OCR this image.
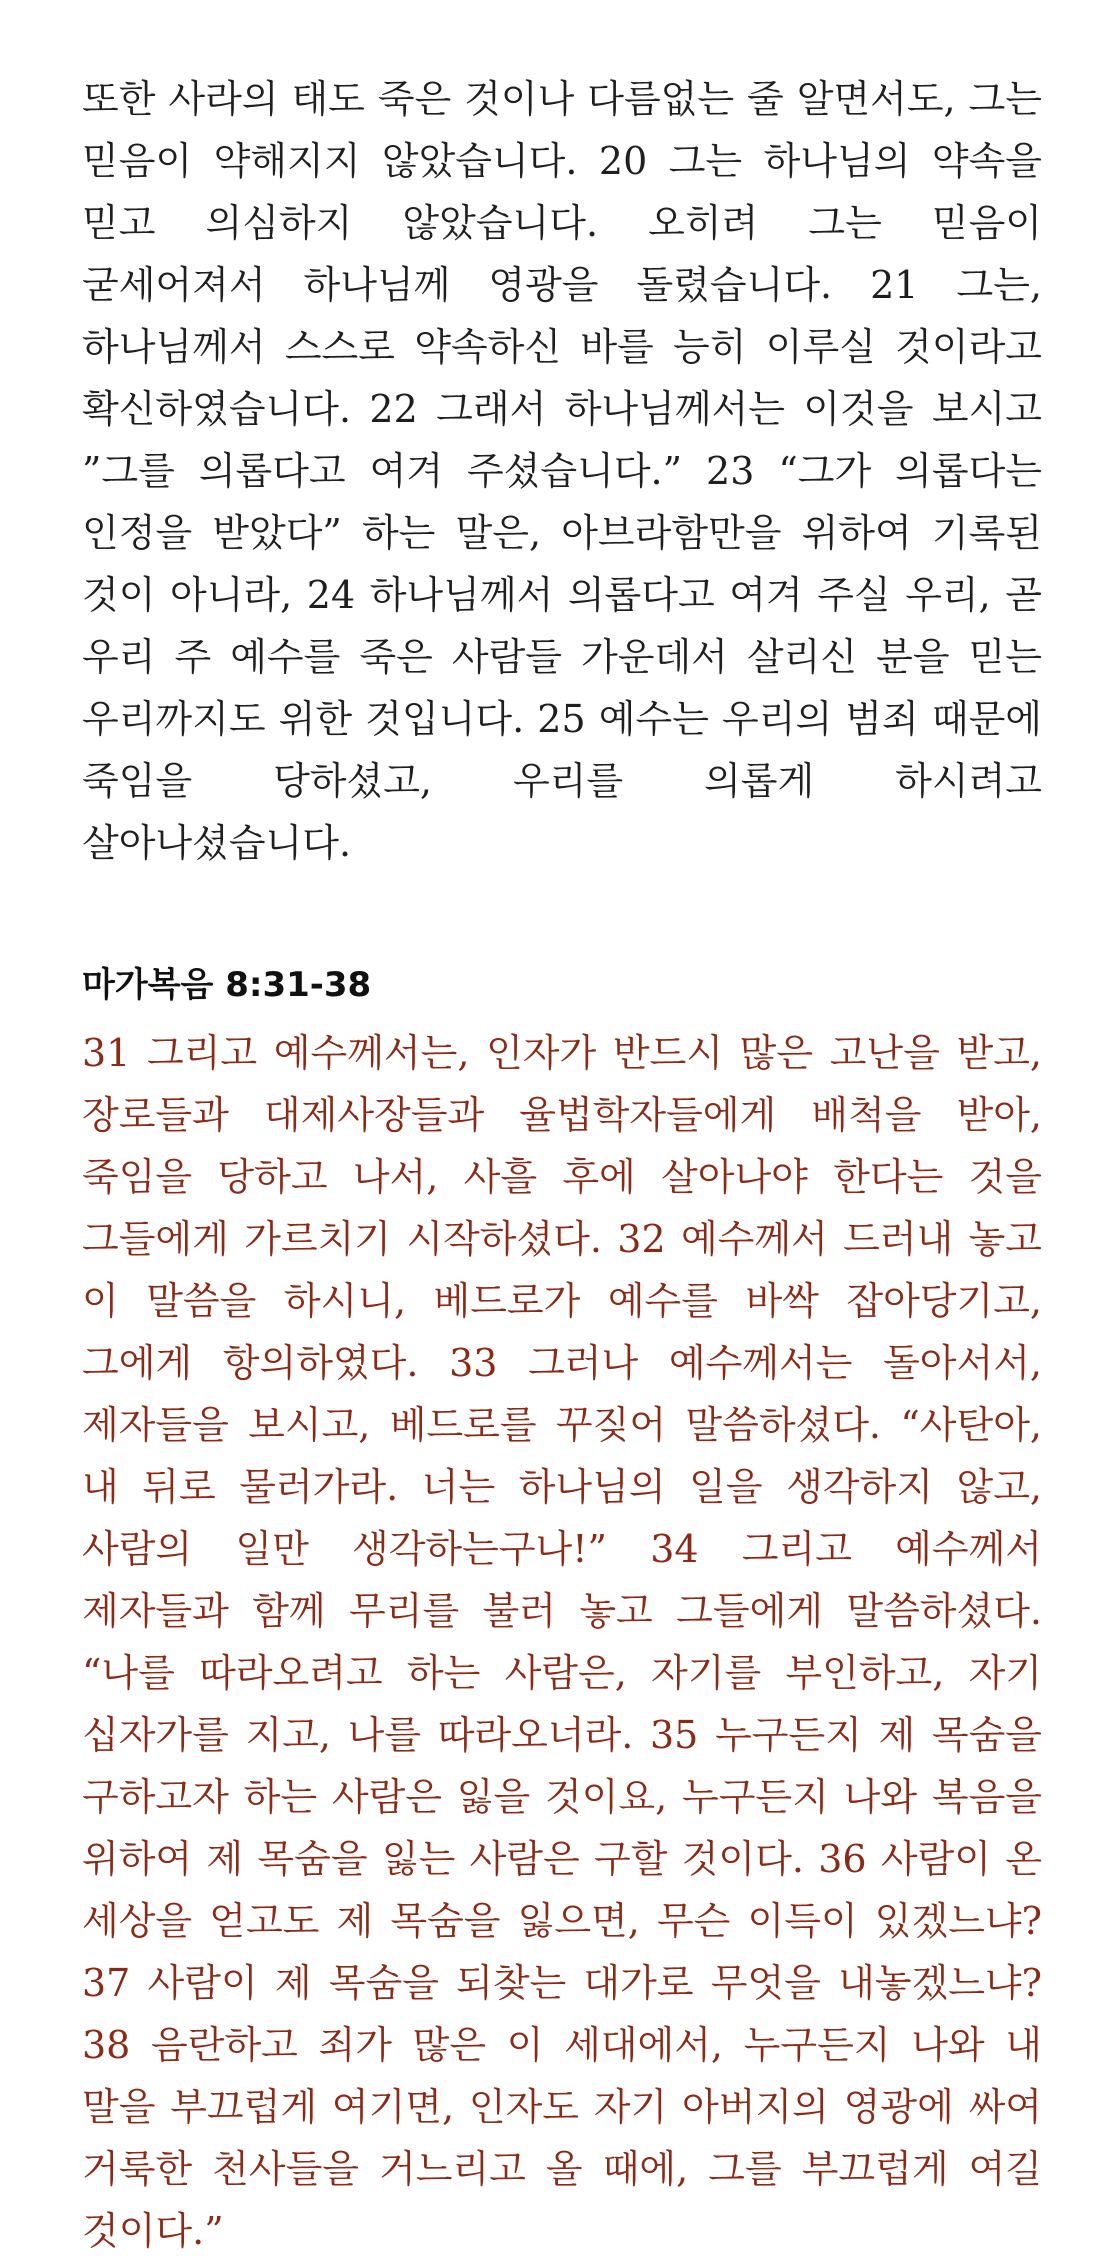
또한 사라의 태도 죽은 것이나 다름없는 줄 알면서도, 그는 믿음이 약해지지 않았습니다. 20 그는 하나님의 약속을 믿고 의심하지 않았습니다. 오히려 그는 믿음이 굳세어져서 하나님께 영광을 돌렸습니다. 21 그는, 하나님께서 스스로 약속하신 바를 능히 이루실 것이라고 확신하였습니다. 22 그래서 하나님께서는 이것을 보시고 ”그를 의롭다고 여겨 주셨습니다.” 23 “그가 의롭다는 인정을 받았다” 하는 말은, 아브라함만을 위하여 기록된 것이 아니라, 24 하나님께서 의롭다고 여겨 주실 우리, 곧 우리 주 예수를 죽은 사람들 가운데서 살리신 분을 믿는 우리까지도 위한 것입니다. 25 예수는 우리의 범죄 때문에 죽임을 당하셨고, 우리를 의롭게 하시려고 살아나셨습니다.

마가복음 8:31-38

31 그리고 예수께서는, 인자가 반드시 많은 고난을 받고, 장로들과 대제사장들과 율법학자들에게 배척을 받아, 죽임을 당하고 나서, 사흘 후에 살아나야 한다는 것을 그들에게 가르치기 시작하셨다. 32 예수께서 드러내 놓고 이 말씀을 하시니, 베드로가 예수를 바싹 잡아당기고, 그에게 항의하였다. 33 그러나 예수께서는 돌아서서, 제자들을 보시고, 베드로를 꾸짖어 말씀하셨다. “사탄아, 내 뒤로 물러가라. 너는 하나님의 일을 생각하지 않고, 사람의 일만 생각하는구나!” 34 그리고 예수께서 제자들과 함께 무리를 불러 놓고 그들에게 말씀하셨다. “나를 따라오려고 하는 사람은, 자기를 부인하고, 자기 십자가를 지고, 나를 따라오너라. 35 누구든지 제 목숨을 구하고자 하는 사람은 잃을 것이요, 누구든지 나와 복음을 위하여 제 목숨을 잃는 사람은 구할 것이다. 36 사람이 온 세상을 얻고도 제 목숨을 잃으면, 무슨 이득이 있겠느냐? 37 사람이 제 목숨을 되찾는 대가로 무엇을 내놓겠느냐? 38 음란하고 죄가 많은 이 세대에서, 누구든지 나와 내 말을 부끄럽게 여기면, 인자도 자기 아버지의 영광에 싸여 거룩한 천사들을 거느리고 올 때에, 그를 부끄럽게 여길 것이다.”
